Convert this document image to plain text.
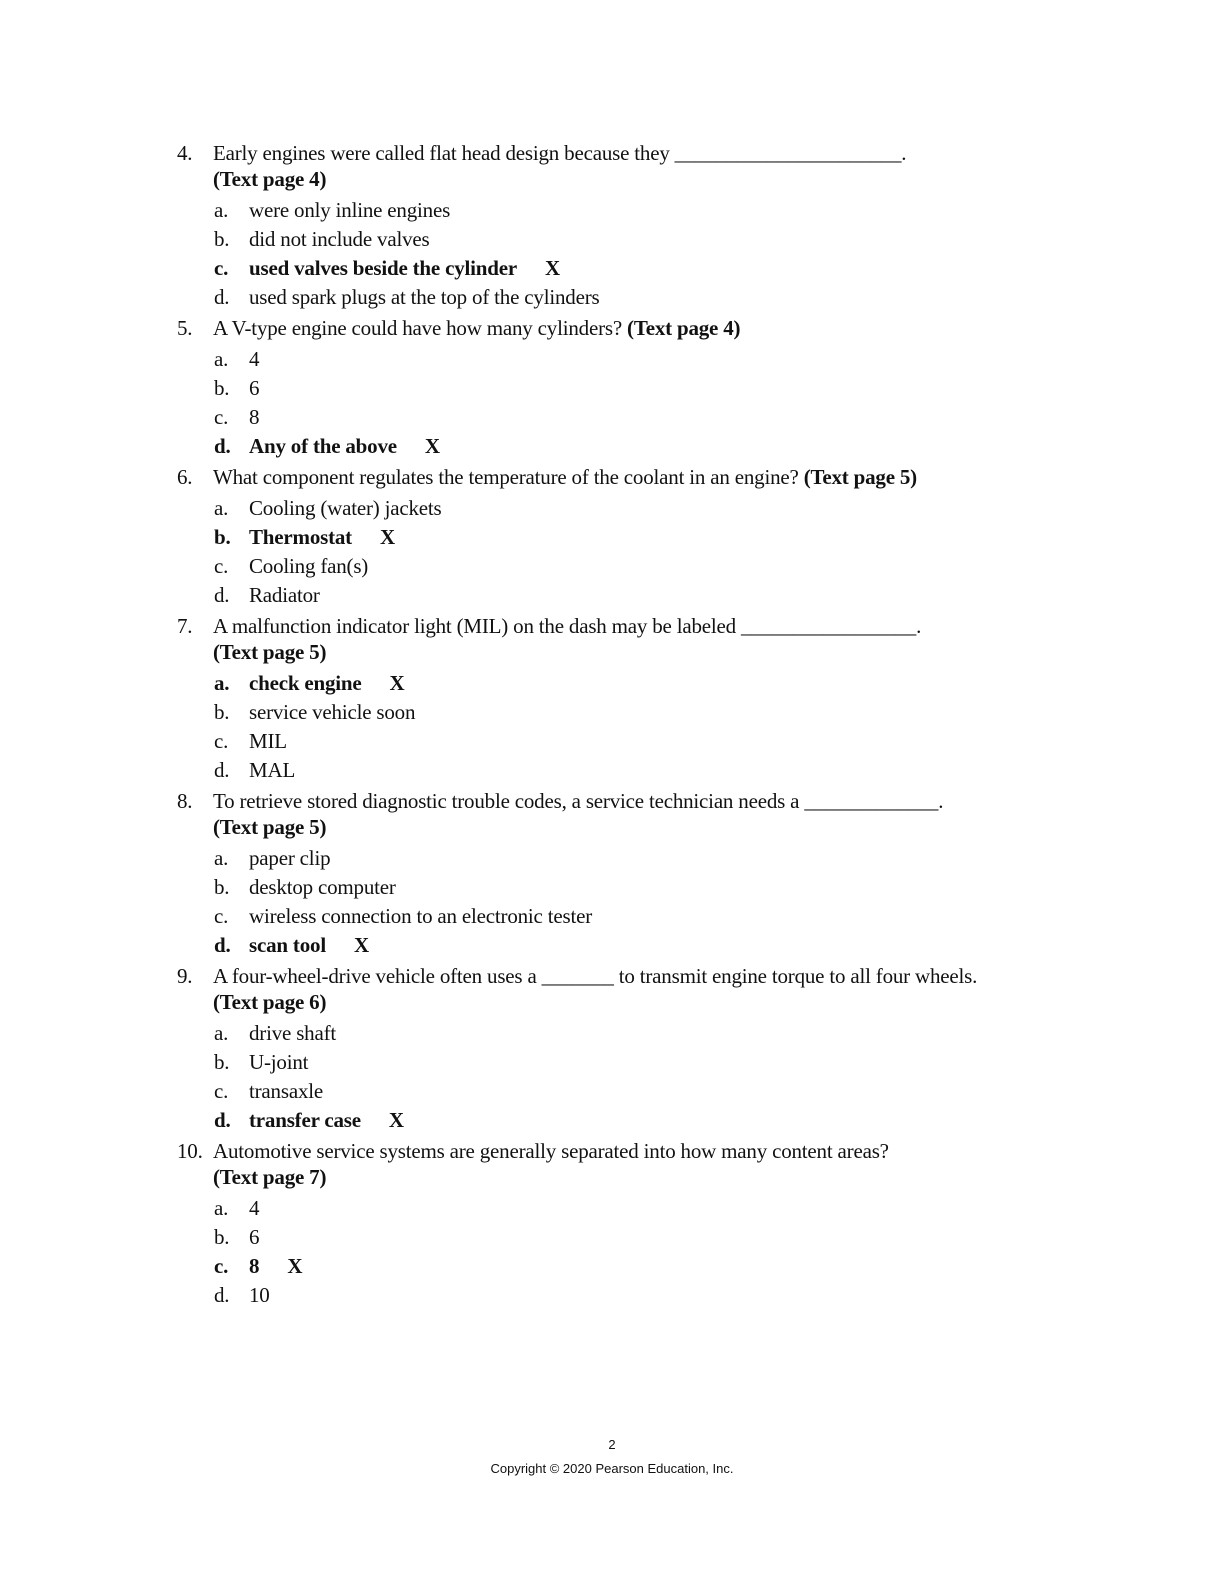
4. Early engines were called flat head design because they ______________________.
(Text page 4)
a. were only inline engines
b. did not include valves
c. used valves beside the cylinder X
d. used spark plugs at the top of the cylinders
5. A V-type engine could have how many cylinders? (Text page 4)
a. 4
b. 6
c. 8
d. Any of the above X
6. What component regulates the temperature of the coolant in an engine? (Text page 5)
a. Cooling (water) jackets
b. Thermostat X
c. Cooling fan(s)
d. Radiator
7. A malfunction indicator light (MIL) on the dash may be labeled _________________.
(Text page 5)
a. check engine X
b. service vehicle soon
c. MIL
d. MAL
8. To retrieve stored diagnostic trouble codes, a service technician needs a _____________.
(Text page 5)
a. paper clip
b. desktop computer
c. wireless connection to an electronic tester
d. scan tool X
9. A four-wheel-drive vehicle often uses a _______ to transmit engine torque to all four wheels.
(Text page 6)
a. drive shaft
b. U-joint
c. transaxle
d. transfer case X
10. Automotive service systems are generally separated into how many content areas?
(Text page 7)
a. 4
b. 6
c. 8 X
d. 10
2
Copyright © 2020 Pearson Education, Inc.
